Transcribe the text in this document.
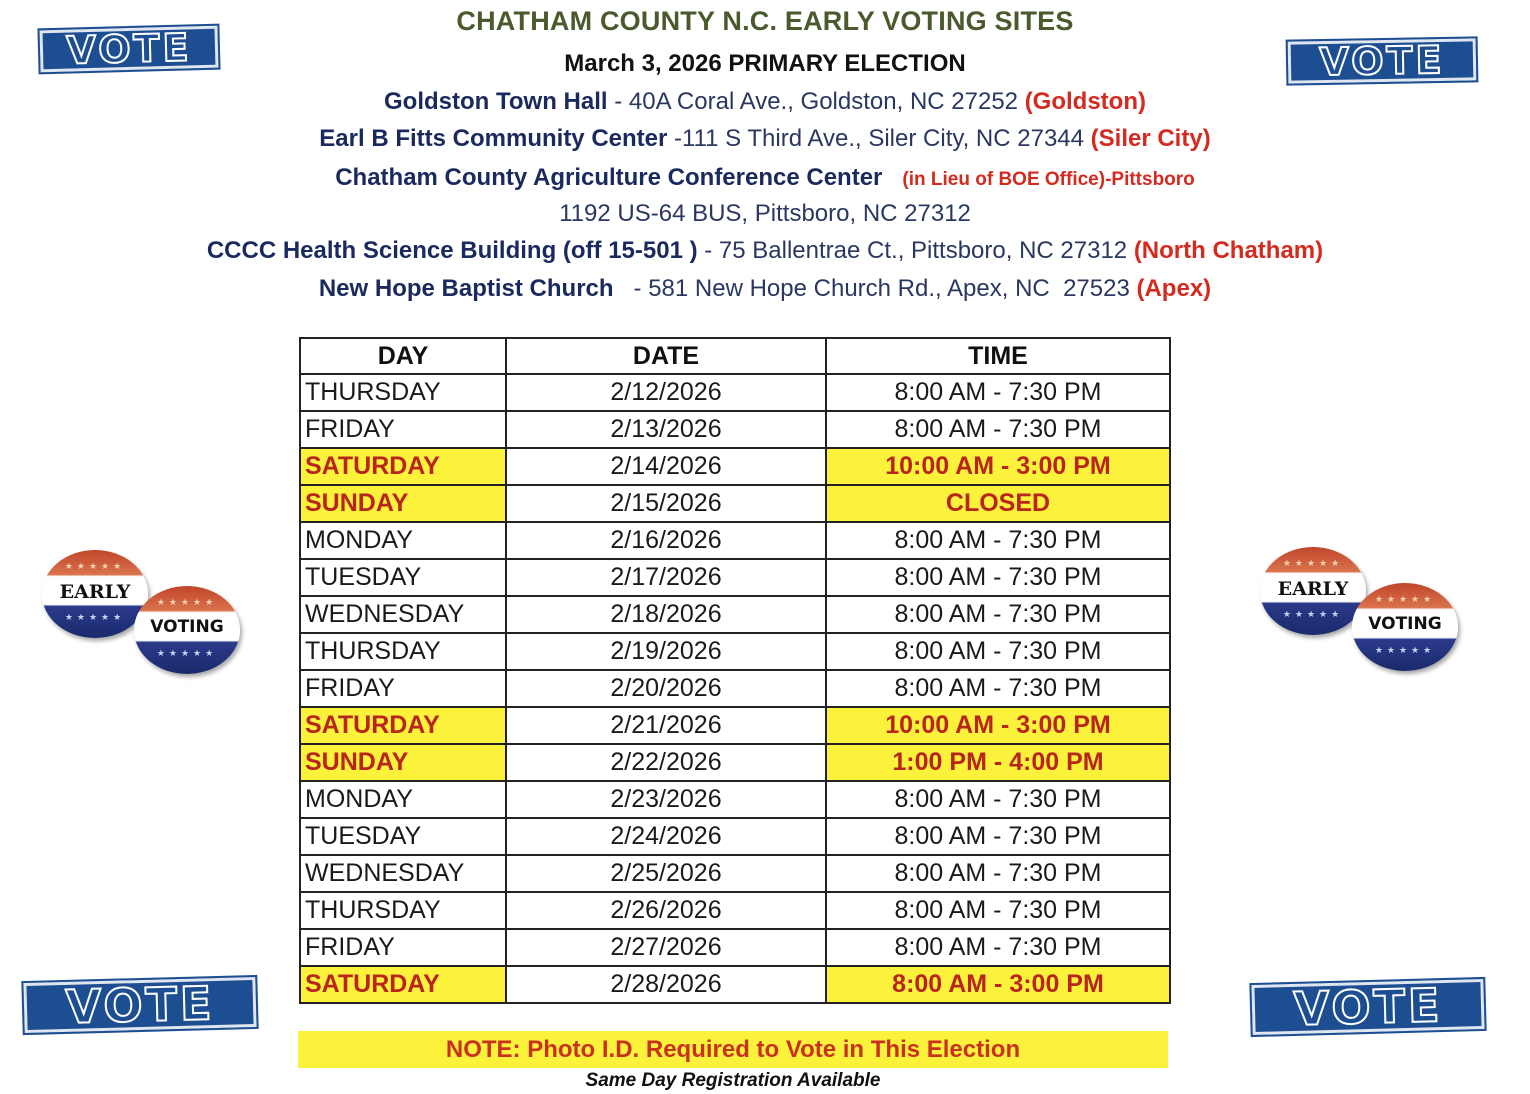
CHATHAM COUNTY N.C. EARLY VOTING SITES
March 3, 2026 PRIMARY ELECTION
VOTE	VOTE
VOTE	VOTE
Goldston Town Hall - 40A Coral Ave., Goldston, NC 27252 (Goldston)
Earl B Fitts Community Center -111 S Third Ave., Siler City, NC 27344 (Siler City)
Chatham County Agriculture Conference Center (in Lieu of BOE Office)-Pittsboro
1192 US-64 BUS, Pittsboro, NC 27312
CCCC Health Science Building (off 15-501 ) - 75 Ballentrae Ct., Pittsboro, NC 27312 (North Chatham)
New Hope Baptist Church   - 581 New Hope Church Rd., Apex, NC  27523 (Apex)
★★★★★
EARLY
★★★★★
★★★★★
VOTING
★★★★★
★★★★★
EARLY
★★★★★
★★★★★
VOTING
★★★★★
DAY	DATE	TIME
THURSDAY	2/12/2026	8:00 AM - 7:30 PM
FRIDAY	2/13/2026	8:00 AM - 7:30 PM
SATURDAY	2/14/2026	10:00 AM - 3:00 PM
SUNDAY	2/15/2026	CLOSED
MONDAY	2/16/2026	8:00 AM - 7:30 PM
TUESDAY	2/17/2026	8:00 AM - 7:30 PM
WEDNESDAY	2/18/2026	8:00 AM - 7:30 PM
THURSDAY	2/19/2026	8:00 AM - 7:30 PM
FRIDAY	2/20/2026	8:00 AM - 7:30 PM
SATURDAY	2/21/2026	10:00 AM - 3:00 PM
SUNDAY	2/22/2026	1:00 PM - 4:00 PM
MONDAY	2/23/2026	8:00 AM - 7:30 PM
TUESDAY	2/24/2026	8:00 AM - 7:30 PM
WEDNESDAY	2/25/2026	8:00 AM - 7:30 PM
THURSDAY	2/26/2026	8:00 AM - 7:30 PM
FRIDAY	2/27/2026	8:00 AM - 7:30 PM
SATURDAY	2/28/2026	8:00 AM - 3:00 PM
NOTE: Photo I.D. Required to Vote in This Election
Same Day Registration Available
